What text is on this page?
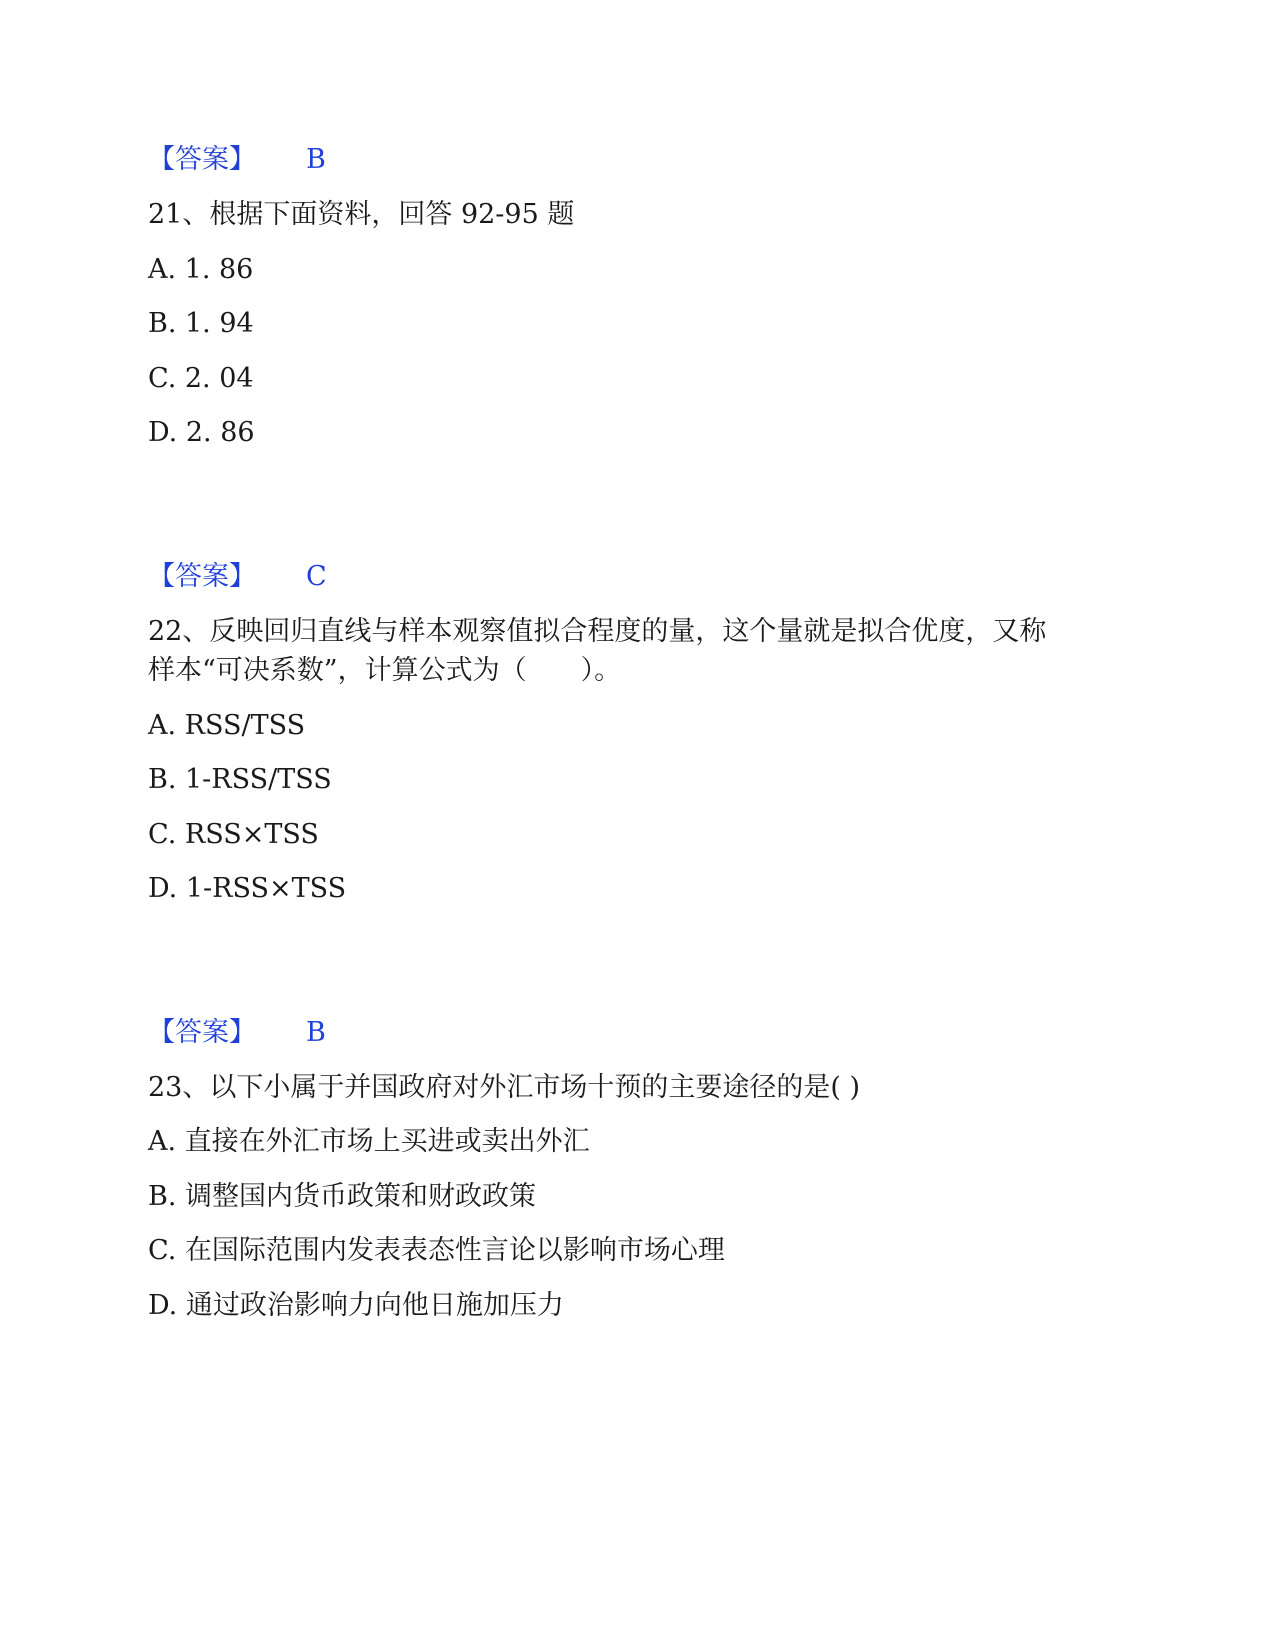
【答案】 B
21、根据下面资料，回答 92-95 题
A. 1. 86
B. 1. 94
C. 2. 04
D. 2. 86
【答案】 C
22、反映回归直线与样本观察值拟合程度的量，这个量就是拟合优度，又称
样本“可决系数”，计算公式为（　　）。
A. RSS/TSS
B. 1-RSS/TSS
C. RSS×TSS
D. 1-RSS×TSS
【答案】 B
23、以下小属于并国政府对外汇市场十预的主要途径的是( )
A. 直接在外汇市场上买进或卖出外汇
B. 调整国内货币政策和财政政策
C. 在国际范围内发表表态性言论以影响市场心理
D. 通过政治影响力向他日施加压力
